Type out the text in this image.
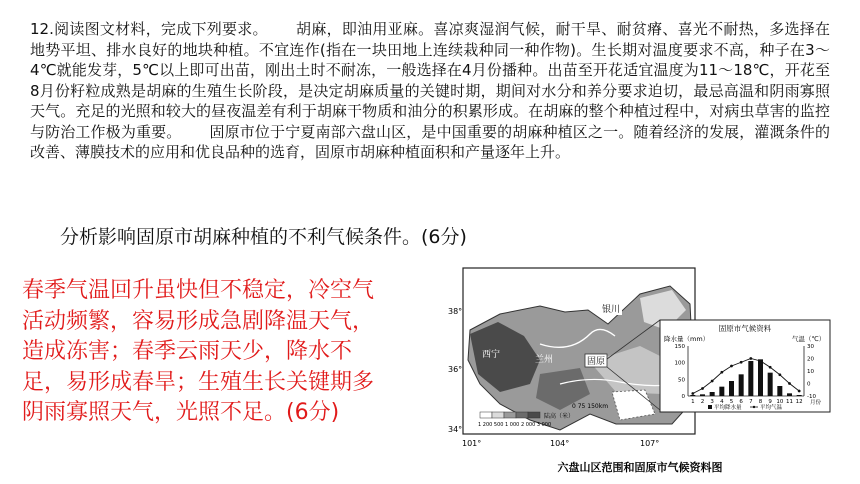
12.阅读图文材料，完成下列要求。 胡麻，即油用亚麻。喜凉爽湿润气候，耐干旱、耐贫瘠、喜光不耐热，多选择在地势平坦、排水良好的地块种植。不宜连作(指在一块田地上连续栽种同一种作物)。生长期对温度要求不高，种子在3～4℃就能发芽，5℃以上即可出苗，刚出土时不耐冻，一般选择在4月份播种。出苗至开花适宜温度为11～18℃，开花至8月份籽粒成熟是胡麻的生殖生长阶段，是决定胡麻质量的关键时期，期间对水分和养分要求迫切，最忌高温和阴雨寡照天气。充足的光照和较大的昼夜温差有利于胡麻干物质和油分的积累形成。在胡麻的整个种植过程中，对病虫草害的监控与防治工作极为重要。 固原市位于宁夏南部六盘山区，是中国重要的胡麻种植区之一。随着经济的发展，灌溉条件的改善、薄膜技术的应用和优良品种的选育，固原市胡麻种植面积和产量逐年上升。

分析影响固原市胡麻种植的不利气候条件。(6分)

春季气温回升虽快但不稳定，冷空气活动频繁，容易形成急剧降温天气，造成冻害；春季云雨天少，降水不足，易形成春旱；生殖生长关键期多阴雨寡照天气，光照不足。(6分)

银川
西宁	兰州	固原
38°
36°
34°
101°	104°	107°
1 200 500 1 000 2 000 3 000
陆高（米）
0 75 150km
固原市气候资料
降水量（mm）	气温（℃）
150
100
50
0
30
20
10
0
-10
1 2 3 4 5 6 7 8 9 10 11 12 月份
平均降水量	平均气温
六盘山区范围和固原市气候资料图
